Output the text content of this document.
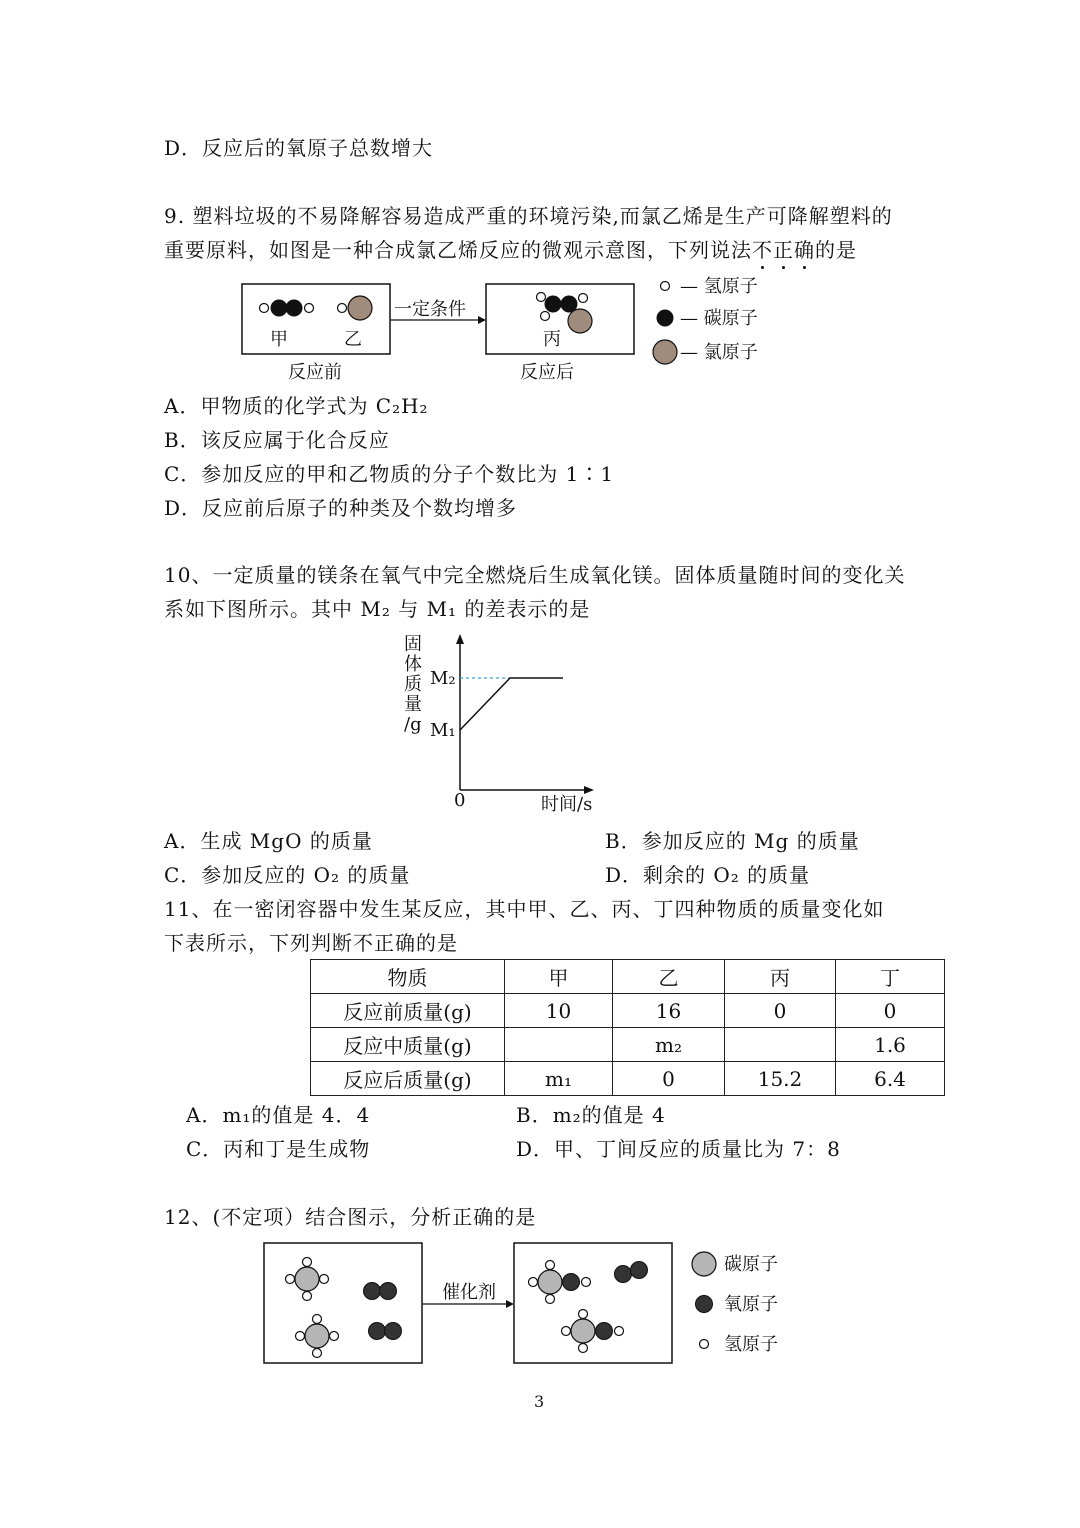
D．反应后的氧原子总数增大
9. 塑料垃圾的不易降解容易造成严重的环境污染,而氯乙烯是生产可降解塑料的
重要原料，如图是一种合成氯乙烯反应的微观示意图，下列说法不正确的是
甲	乙
一定条件
丙
反应前	反应后
— 氢原子
— 碳原子
— 氯原子
A．甲物质的化学式为 C₂H₂
B．该反应属于化合反应
C．参加反应的甲和乙物质的分子个数比为 1∶1
D．反应前后原子的种类及个数均增多
10、一定质量的镁条在氧气中完全燃烧后生成氧化镁。固体质量随时间的变化关
系如下图所示。其中 M₂ 与 M₁ 的差表示的是
固
体
质
量
/g
M₂
M₁
0	时间/s
A．生成 MgO 的质量	B．参加反应的 Mg 的质量
C．参加反应的 O₂ 的质量	D．剩余的 O₂ 的质量
11、在一密闭容器中发生某反应，其中甲、乙、丙、丁四种物质的质量变化如
下表所示，下列判断不正确的是
物质	甲	乙	丙	丁
反应前质量(g)	10	16	0	0
反应中质量(g)		m₂		1.6
反应后质量(g)	m₁	0	15.2	6.4
A．m₁的值是 4．4	B．m₂的值是 4
C．丙和丁是生成物	D．甲、丁间反应的质量比为 7：8
12、(不定项）结合图示，分析正确的是
催化剂
碳原子
氧原子
氢原子
3
